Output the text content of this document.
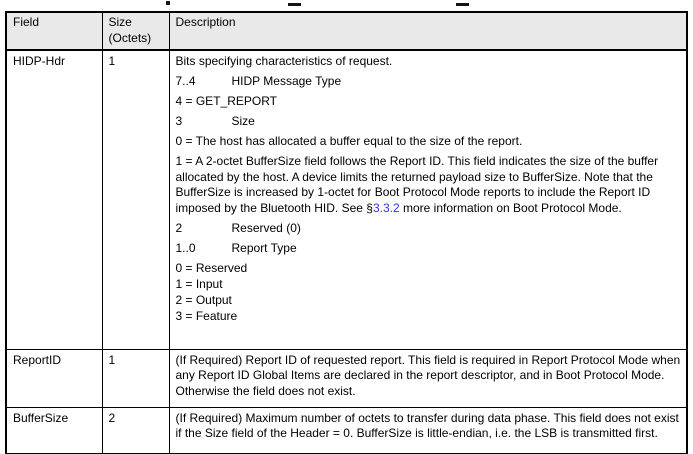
Field	Size (Octets)	Description
HIDP-Hdr	1	Bits specifying characteristics of request.
7..4	HIDP Message Type
4 = GET_REPORT
3	Size
0 = The host has allocated a buffer equal to the size of the report.
1 = A 2-octet BufferSize field follows the Report ID. This field indicates the size of the buffer allocated by the host. A device limits the returned payload size to BufferSize. Note that the BufferSize is increased by 1-octet for Boot Protocol Mode reports to include the Report ID imposed by the Bluetooth HID. See §3.3.2 more information on Boot Protocol Mode.
2	Reserved (0)
1..0	Report Type
0 = Reserved
1 = Input
2 = Output
3 = Feature

ReportID	1	(If Required) Report ID of requested report. This field is required in Report Protocol Mode when any Report ID Global Items are declared in the report descriptor, and in Boot Protocol Mode. Otherwise the field does not exist.

BufferSize	2	(If Required) Maximum number of octets to transfer during data phase. This field does not exist if the Size field of the Header = 0. BufferSize is little-endian, i.e. the LSB is transmitted first.
